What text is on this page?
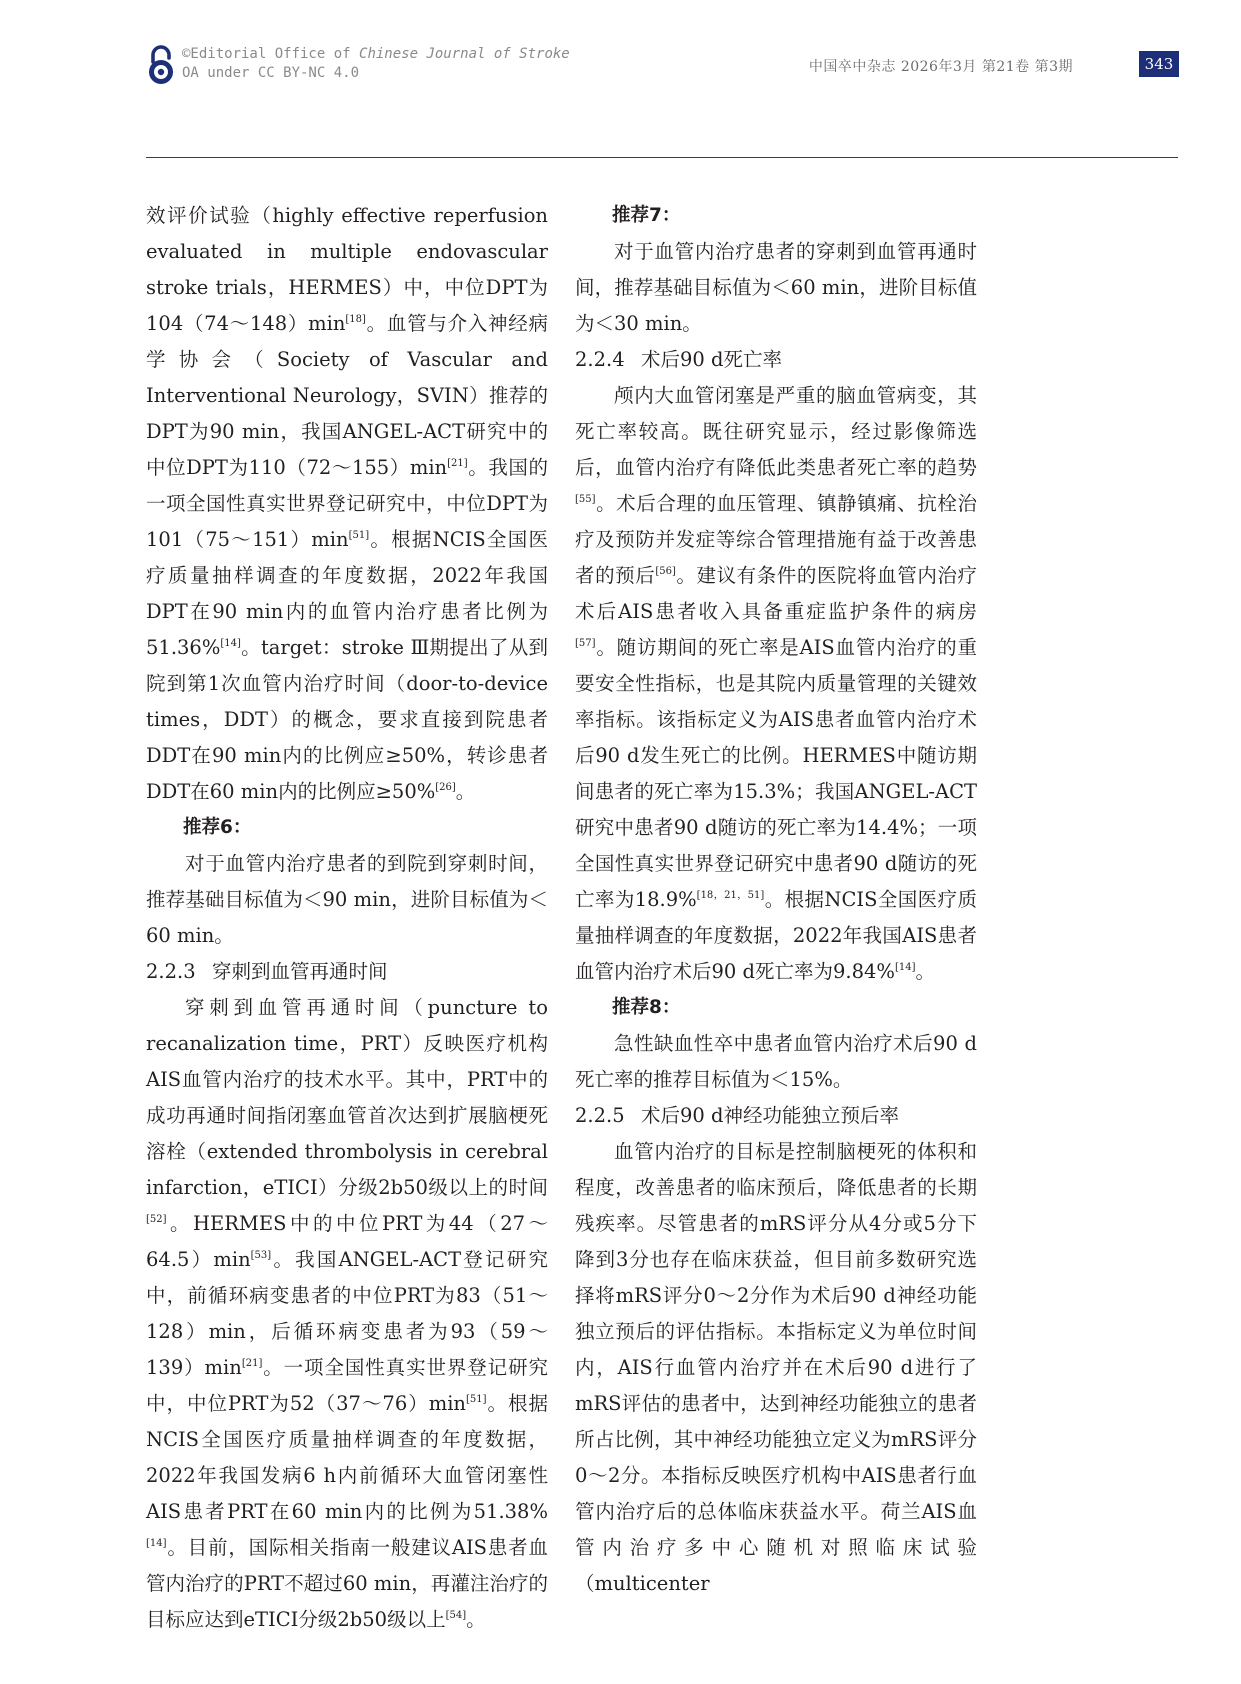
©Editorial Office of Chinese Journal of Stroke
OA under CC BY-NC 4.0	中国卒中杂志 2026年3月 第21卷 第3期	343

效评价试验（highly effective reperfusion evaluated in multiple endovascular stroke trials，HERMES）中，中位DPT为104（74～148）min[18]。血管与介入神经病学协会（Society of Vascular and Interventional Neurology，SVIN）推荐的DPT为90 min，我国ANGEL-ACT研究中的中位DPT为110（72～155）min[21]。我国的一项全国性真实世界登记研究中，中位DPT为101（75～151）min[51]。根据NCIS全国医疗质量抽样调查的年度数据，2022年我国DPT在90 min内的血管内治疗患者比例为51.36%[14]。target：stroke Ⅲ期提出了从到院到第1次血管内治疗时间（door-to-device times，DDT）的概念，要求直接到院患者DDT在90 min内的比例应≥50%，转诊患者DDT在60 min内的比例应≥50%[26]。

推荐6：

对于血管内治疗患者的到院到穿刺时间，推荐基础目标值为＜90 min，进阶目标值为＜60 min。

2.2.3 穿刺到血管再通时间

穿刺到血管再通时间（puncture to recanalization time，PRT）反映医疗机构AIS血管内治疗的技术水平。其中，PRT中的成功再通时间指闭塞血管首次达到扩展脑梗死溶栓（extended thrombolysis in cerebral infarction，eTICI）分级2b50级以上的时间[52]。HERMES中的中位PRT为44（27～64.5）min[53]。我国ANGEL-ACT登记研究中，前循环病变患者的中位PRT为83（51～128）min，后循环病变患者为93（59～139）min[21]。一项全国性真实世界登记研究中，中位PRT为52（37～76）min[51]。根据NCIS全国医疗质量抽样调查的年度数据，2022年我国发病6 h内前循环大血管闭塞性AIS患者PRT在60 min内的比例为51.38%[14]。目前，国际相关指南一般建议AIS患者血管内治疗的PRT不超过60 min，再灌注治疗的目标应达到eTICI分级2b50级以上[54]。

推荐7：

对于血管内治疗患者的穿刺到血管再通时间，推荐基础目标值为＜60 min，进阶目标值为＜30 min。

2.2.4 术后90 d死亡率

颅内大血管闭塞是严重的脑血管病变，其死亡率较高。既往研究显示，经过影像筛选后，血管内治疗有降低此类患者死亡率的趋势[55]。术后合理的血压管理、镇静镇痛、抗栓治疗及预防并发症等综合管理措施有益于改善患者的预后[56]。建议有条件的医院将血管内治疗术后AIS患者收入具备重症监护条件的病房[57]。随访期间的死亡率是AIS血管内治疗的重要安全性指标，也是其院内质量管理的关键效率指标。该指标定义为AIS患者血管内治疗术后90 d发生死亡的比例。HERMES中随访期间患者的死亡率为15.3%；我国ANGEL-ACT研究中患者90 d随访的死亡率为14.4%；一项全国性真实世界登记研究中患者90 d随访的死亡率为18.9%[18，21，51]。根据NCIS全国医疗质量抽样调查的年度数据，2022年我国AIS患者血管内治疗术后90 d死亡率为9.84%[14]。

推荐8：

急性缺血性卒中患者血管内治疗术后90 d死亡率的推荐目标值为＜15%。

2.2.5 术后90 d神经功能独立预后率

血管内治疗的目标是控制脑梗死的体积和程度，改善患者的临床预后，降低患者的长期残疾率。尽管患者的mRS评分从4分或5分下降到3分也存在临床获益，但目前多数研究选择将mRS评分0～2分作为术后90 d神经功能独立预后的评估指标。本指标定义为单位时间内，AIS行血管内治疗并在术后90 d进行了mRS评估的患者中，达到神经功能独立的患者所占比例，其中神经功能独立定义为mRS评分0～2分。本指标反映医疗机构中AIS患者行血管内治疗后的总体临床获益水平。荷兰AIS血管内治疗多中心随机对照临床试验（multicenter
